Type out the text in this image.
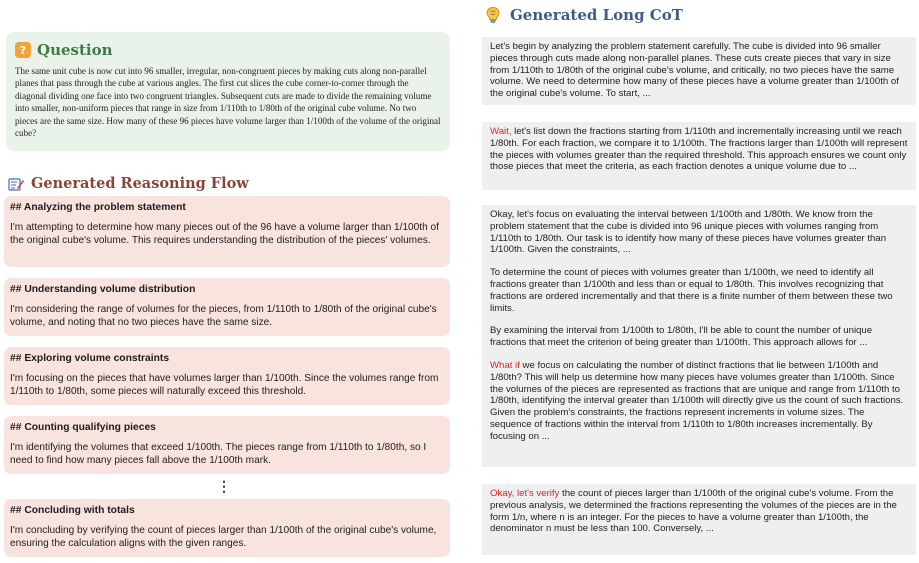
? Question
The same unit cube is now cut into 96 smaller, irregular, non-congruent pieces by making cuts along non-parallel planes that pass through the cube at various angles. The first cut slices the cube corner-to-corner through the diagonal dividing one face into two congruent triangles. Subsequent cuts are made to divide the remaining volume into smaller, non-uniform pieces that range in size from 1/110th to 1/80th of the original cube volume. No two pieces are the same size. How many of these 96 pieces have volume larger than 1/100th of the volume of the original cube?
Generated Reasoning Flow
## Analyzing the problem statement
I'm attempting to determine how many pieces out of the 96 have a volume larger than 1/100th of the original cube's volume. This requires understanding the distribution of the pieces' volumes.
## Understanding volume distribution
I'm considering the range of volumes for the pieces, from 1/110th to 1/80th of the original cube's volume, and noting that no two pieces have the same size.
## Exploring volume constraints
I'm focusing on the pieces that have volumes larger than 1/100th. Since the volumes range from 1/110th to 1/80th, some pieces will naturally exceed this threshold.
## Counting qualifying pieces
I'm identifying the volumes that exceed 1/100th. The pieces range from 1/110th to 1/80th, so I need to find how many pieces fall above the 1/100th mark.
⋮
## Concluding with totals
I'm concluding by verifying the count of pieces larger than 1/100th of the original cube's volume, ensuring the calculation aligns with the given ranges.
Generated Long CoT

Let's begin by analyzing the problem statement carefully. The cube is divided into 96 smaller pieces through cuts made along non-parallel planes. These cuts create pieces that vary in size from 1/110th to 1/80th of the original cube's volume, and critically, no two pieces have the same volume. We need to determine how many of these pieces have a volume greater than 1/100th of the original cube's volume. To start, ...

Wait, let's list down the fractions starting from 1/110th and incrementally increasing until we reach 1/80th. For each fraction, we compare it to 1/100th. The fractions larger than 1/100th will represent the pieces with volumes greater than the required threshold. This approach ensures we count only those pieces that meet the criteria, as each fraction denotes a unique volume due to ...

Okay, let's focus on evaluating the interval between 1/100th and 1/80th. We know from the problem statement that the cube is divided into 96 unique pieces with volumes ranging from 1/110th to 1/80th. Our task is to identify how many of these pieces have volumes greater than 1/100th. Given the constraints, ...

To determine the count of pieces with volumes greater than 1/100th, we need to identify all fractions greater than 1/100th and less than or equal to 1/80th. This involves recognizing that fractions are ordered incrementally and that there is a finite number of them between these two limits.

By examining the interval from 1/100th to 1/80th, I'll be able to count the number of unique fractions that meet the criterion of being greater than 1/100th. This approach allows for ...

What if we focus on calculating the number of distinct fractions that lie between 1/100th and 1/80th? This will help us determine how many pieces have volumes greater than 1/100th. Since the volumes of the pieces are represented as fractions that are unique and range from 1/110th to 1/80th, identifying the interval greater than 1/100th will directly give us the count of such fractions. Given the problem's constraints, the fractions represent increments in volume sizes. The sequence of fractions within the interval from 1/110th to 1/80th increases incrementally. By focusing on ...

Okay, let's verify the count of pieces larger than 1/100th of the original cube's volume. From the previous analysis, we determined the fractions representing the volumes of the pieces are in the form 1/n, where n is an integer. For the pieces to have a volume greater than 1/100th, the denominator n must be less than 100. Conversely, ...
